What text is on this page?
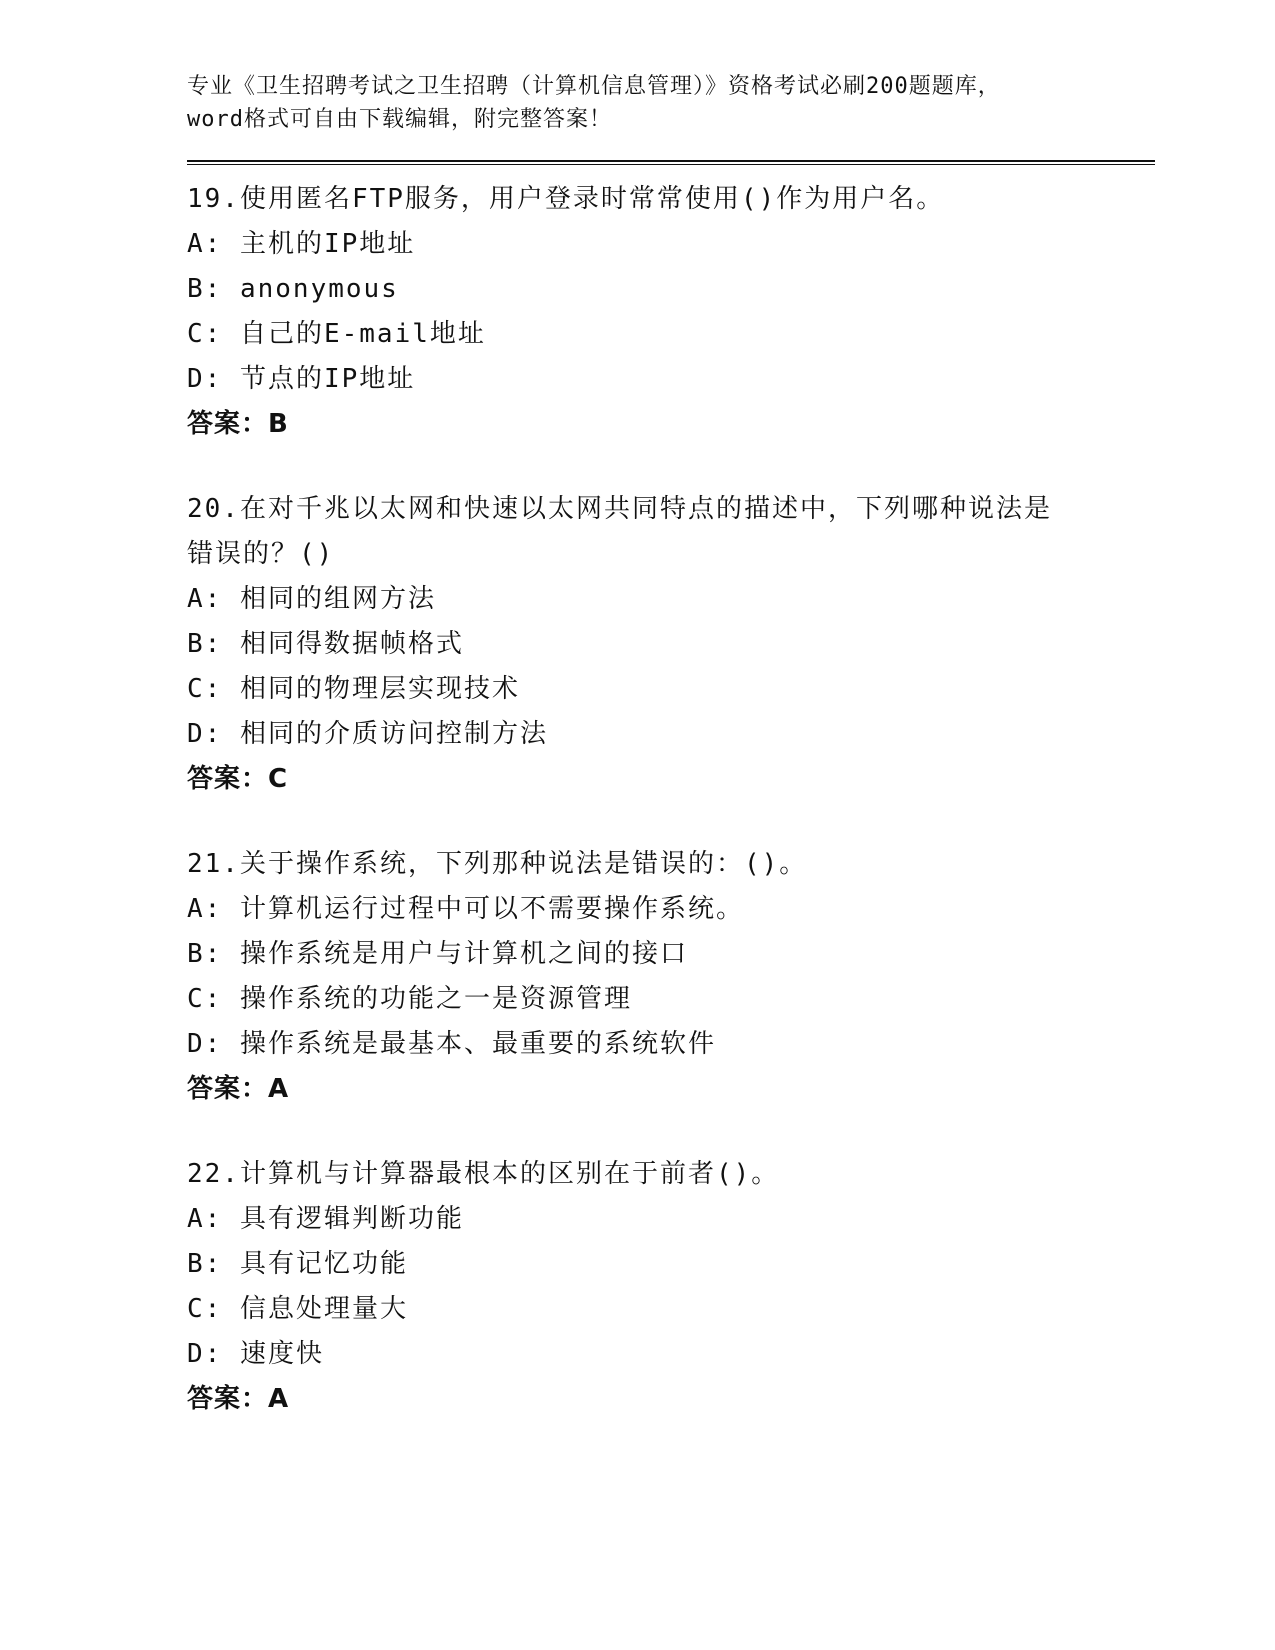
专业《卫生招聘考试之卫生招聘（计算机信息管理）》资格考试必刷200题题库，
word格式可自由下载编辑，附完整答案！
19.使用匿名FTP服务，用户登录时常常使用()作为用户名。
A: 主机的IP地址
B: anonymous
C: 自己的E-mail地址
D: 节点的IP地址
答案：B
20.在对千兆以太网和快速以太网共同特点的描述中，下列哪种说法是
错误的？()
A: 相同的组网方法
B: 相同得数据帧格式
C: 相同的物理层实现技术
D: 相同的介质访问控制方法
答案：C
21.关于操作系统，下列那种说法是错误的：()。
A: 计算机运行过程中可以不需要操作系统。
B: 操作系统是用户与计算机之间的接口
C: 操作系统的功能之一是资源管理
D: 操作系统是最基本、最重要的系统软件
答案：A
22.计算机与计算器最根本的区别在于前者()。
A: 具有逻辑判断功能
B: 具有记忆功能
C: 信息处理量大
D: 速度快
答案：A
